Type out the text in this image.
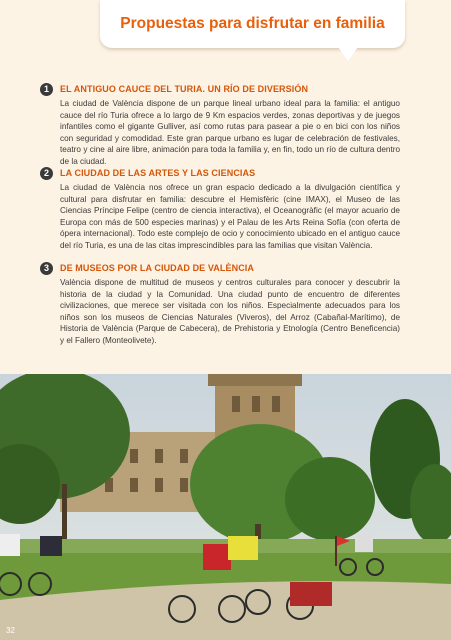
Propuestas para disfrutar en familia
1	EL ANTIGUO CAUCE DEL TURIA. UN RÍO DE DIVERSIÓN
La ciudad de València dispone de un parque lineal urbano ideal para la familia: el antiguo cauce del río Turia ofrece a lo largo de 9 Km espacios verdes, zonas deportivas y de juegos infantiles como el gigante Gulliver, así como rutas para pasear a pie o en bici con los niños con seguridad y comodidad. Este gran parque urbano es lugar de celebración de festivales, teatro y cine al aire libre, animación para toda la familia y, en fin, todo un río de cultura dentro de la ciudad.
2	LA CIUDAD DE LAS ARTES Y LAS CIENCIAS
La ciudad de València nos ofrece un gran espacio dedicado a la divulgación científica y cultural para disfrutar en familia: descubre el Hemisfèric (cine IMAX), el Museo de las Ciencias Príncipe Felipe (centro de ciencia interactiva), el Oceanogràfic (el mayor acuario de Europa con más de 500 especies marinas) y el Palau de les Arts Reina Sofía (con oferta de ópera internacional). Todo este complejo de ocio y conocimiento ubicado en el antiguo cauce del río Turia, es una de las citas imprescindibles para las familias que visitan València.
3	DE MUSEOS POR LA CIUDAD DE VALÈNCIA
València dispone de multitud de museos y centros culturales para conocer y descubrir la historia de la ciudad y la Comunidad. Una ciudad punto de encuentro de diferentes civilizaciones, que merece ser visitada con los niños. Especialmente adecuados para los niños son los museos de Ciencias Naturales (Viveros), del Arroz (Cabañal-Marítimo), de Historia de València (Parque de Cabecera), de Prehistoria y Etnología (Centro Beneficencia) y el Fallero (Monteolivete).
32
